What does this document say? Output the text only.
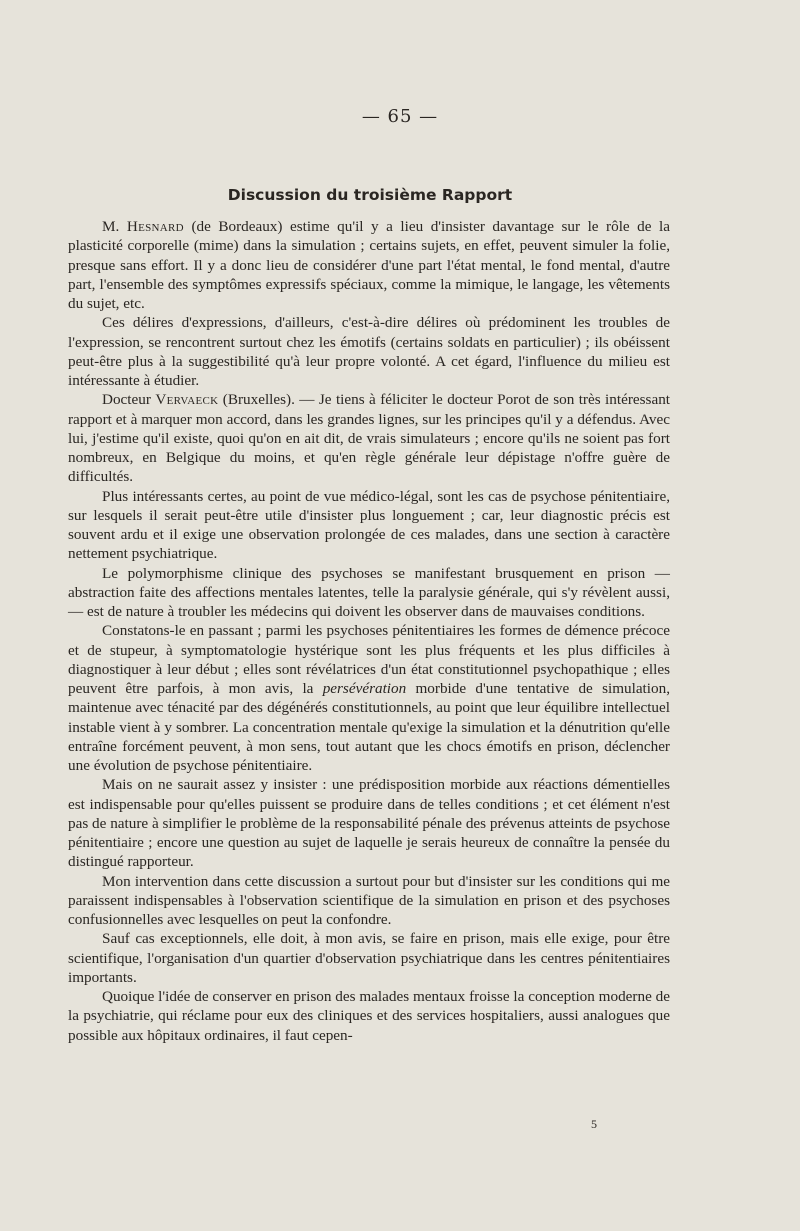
— 65 —
Discussion du troisième Rapport

M. Hesnard (de Bordeaux) estime qu'il y a lieu d'insister davantage sur le rôle de la plasticité corporelle (mime) dans la simulation ; certains sujets, en effet, peuvent simuler la folie, presque sans effort. Il y a donc lieu de considérer d'une part l'état mental, le fond mental, d'autre part, l'ensemble des symptômes expressifs spéciaux, comme la mimique, le langage, les vêtements du sujet, etc.

Ces délires d'expressions, d'ailleurs, c'est-à-dire délires où prédominent les troubles de l'expression, se rencontrent surtout chez les émotifs (certains soldats en particulier) ; ils obéissent peut-être plus à la suggestibilité qu'à leur propre volonté. A cet égard, l'influence du milieu est intéressante à étudier.

Docteur Vervaeck (Bruxelles). — Je tiens à féliciter le docteur Porot de son très intéressant rapport et à marquer mon accord, dans les grandes lignes, sur les principes qu'il y a défendus. Avec lui, j'estime qu'il existe, quoi qu'on en ait dit, de vrais simulateurs ; encore qu'ils ne soient pas fort nombreux, en Belgique du moins, et qu'en règle générale leur dépistage n'offre guère de difficultés.

Plus intéressants certes, au point de vue médico-légal, sont les cas de psychose pénitentiaire, sur lesquels il serait peut-être utile d'insister plus longuement ; car, leur diagnostic précis est souvent ardu et il exige une observation prolongée de ces malades, dans une section à caractère nettement psychiatrique.

Le polymorphisme clinique des psychoses se manifestant brusquement en prison — abstraction faite des affections mentales latentes, telle la paralysie générale, qui s'y révèlent aussi, — est de nature à troubler les médecins qui doivent les observer dans de mauvaises conditions.

Constatons-le en passant ; parmi les psychoses pénitentiaires les formes de démence précoce et de stupeur, à symptomatologie hystérique sont les plus fréquents et les plus difficiles à diagnostiquer à leur début ; elles sont révélatrices d'un état constitutionnel psychopathique ; elles peuvent être parfois, à mon avis, la persévération morbide d'une tentative de simulation, maintenue avec ténacité par des dégénérés constitutionnels, au point que leur équilibre intellectuel instable vient à y sombrer. La concentration mentale qu'exige la simulation et la dénutrition qu'elle entraîne forcément peuvent, à mon sens, tout autant que les chocs émotifs en prison, déclencher une évolution de psychose pénitentiaire.

Mais on ne saurait assez y insister : une prédisposition morbide aux réactions démentielles est indispensable pour qu'elles puissent se produire dans de telles conditions ; et cet élément n'est pas de nature à simplifier le problème de la responsabilité pénale des prévenus atteints de psychose pénitentiaire ; encore une question au sujet de laquelle je serais heureux de connaître la pensée du distingué rapporteur.

Mon intervention dans cette discussion a surtout pour but d'insister sur les conditions qui me paraissent indispensables à l'observation scientifique de la simulation en prison et des psychoses confusionnelles avec lesquelles on peut la confondre.

Sauf cas exceptionnels, elle doit, à mon avis, se faire en prison, mais elle exige, pour être scientifique, l'organisation d'un quartier d'observation psychiatrique dans les centres pénitentiaires importants.

Quoique l'idée de conserver en prison des malades mentaux froisse la conception moderne de la psychiatrie, qui réclame pour eux des cliniques et des services hospitaliers, aussi analogues que possible aux hôpitaux ordinaires, il faut cepen-

5
